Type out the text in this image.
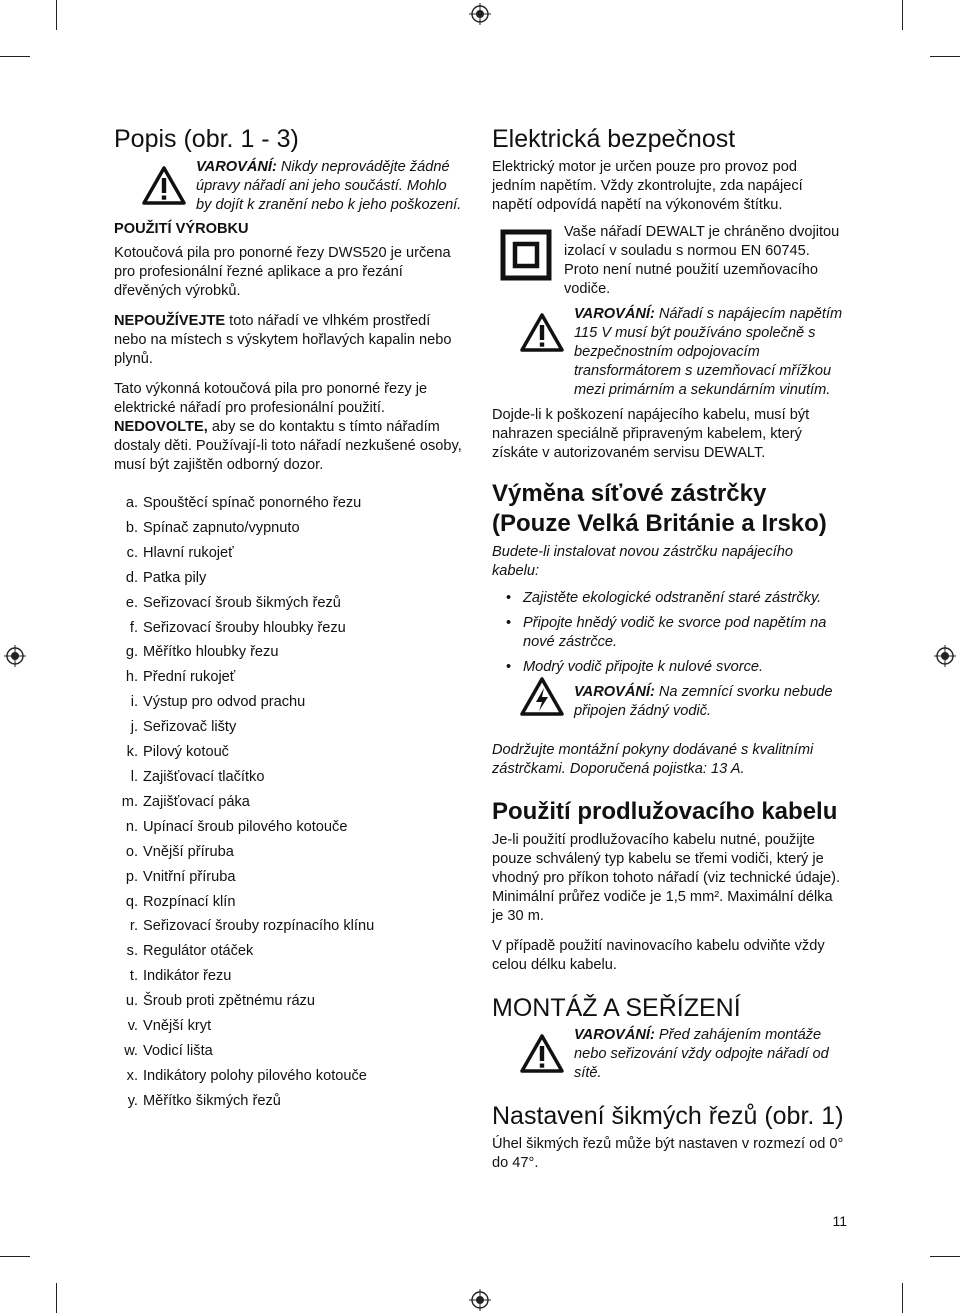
Popis (obr. 1 - 3)

VAROVÁNÍ: Nikdy neprovádějte žádné úpravy nářadí ani jeho součástí. Mohlo by dojít k zranění nebo k jeho poškození.

POUŽITÍ VÝROBKU

Kotoučová pila pro ponorné řezy DWS520 je určena pro profesionální řezné aplikace a pro řezání dřevěných výrobků.

NEPOUŽÍVEJTE toto nářadí ve vlhkém prostředí nebo na místech s výskytem hořlavých kapalin nebo plynů.

Tato výkonná kotoučová pila pro ponorné řezy je elektrické nářadí pro profesionální použití.

NEDOVOLTE, aby se do kontaktu s tímto nářadím dostaly děti. Používají-li toto nářadí nezkušené osoby, musí být zajištěn odborný dozor.

a. Spouštěcí spínač ponorného řezu
b. Spínač zapnuto/vypnuto
c. Hlavní rukojeť
d. Patka pily
e. Seřizovací šroub šikmých řezů
f. Seřizovací šrouby hloubky řezu
g. Měřítko hloubky řezu
h. Přední rukojeť
i. Výstup pro odvod prachu
j. Seřizovač lišty
k. Pilový kotouč
l. Zajišťovací tlačítko
m. Zajišťovací páka
n. Upínací šroub pilového kotouče
o. Vnější příruba
p. Vnitřní příruba
q. Rozpínací klín
r. Seřizovací šrouby rozpínacího klínu
s. Regulátor otáček
t. Indikátor řezu
u. Šroub proti zpětnému rázu
v. Vnější kryt
w. Vodicí lišta
x. Indikátory polohy pilového kotouče
y. Měřítko šikmých řezů
Elektrická bezpečnost

Elektrický motor je určen pouze pro provoz pod jedním napětím. Vždy zkontrolujte, zda napájecí napětí odpovídá napětí na výkonovém štítku.

Vaše nářadí DEWALT je chráněno dvojitou izolací v souladu s normou EN 60745. Proto není nutné použití uzemňovacího vodiče.

VAROVÁNÍ: Nářadí s napájecím napětím 115 V musí být používáno společně s bezpečnostním odpojovacím transformátorem s uzemňovací mřížkou mezi primárním a sekundárním vinutím.

Dojde-li k poškození napájecího kabelu, musí být nahrazen speciálně připraveným kabelem, který získáte v autorizovaném servisu DEWALT.

Výměna síťové zástrčky (Pouze Velká Británie a Irsko)

Budete-li instalovat novou zástrčku napájecího kabelu:

• Zajistěte ekologické odstranění staré zástrčky.
• Připojte hnědý vodič ke svorce pod napětím na nové zástrčce.
• Modrý vodič připojte k nulové svorce.

VAROVÁNÍ: Na zemnící svorku nebude připojen žádný vodič.

Dodržujte montážní pokyny dodávané s kvalitními zástrčkami. Doporučená pojistka: 13 A.

Použití prodlužovacího kabelu

Je-li použití prodlužovacího kabelu nutné, použijte pouze schválený typ kabelu se třemi vodiči, který je vhodný pro příkon tohoto nářadí (viz technické údaje). Minimální průřez vodiče je 1,5 mm². Maximální délka je 30 m.

V případě použití navinovacího kabelu odviňte vždy celou délku kabelu.

MONTÁŽ A SEŘÍZENÍ

VAROVÁNÍ: Před zahájením montáže nebo seřizování vždy odpojte nářadí od sítě.

Nastavení šikmých řezů (obr. 1)

Úhel šikmých řezů může být nastaven v rozmezí od 0° do 47°.

11
